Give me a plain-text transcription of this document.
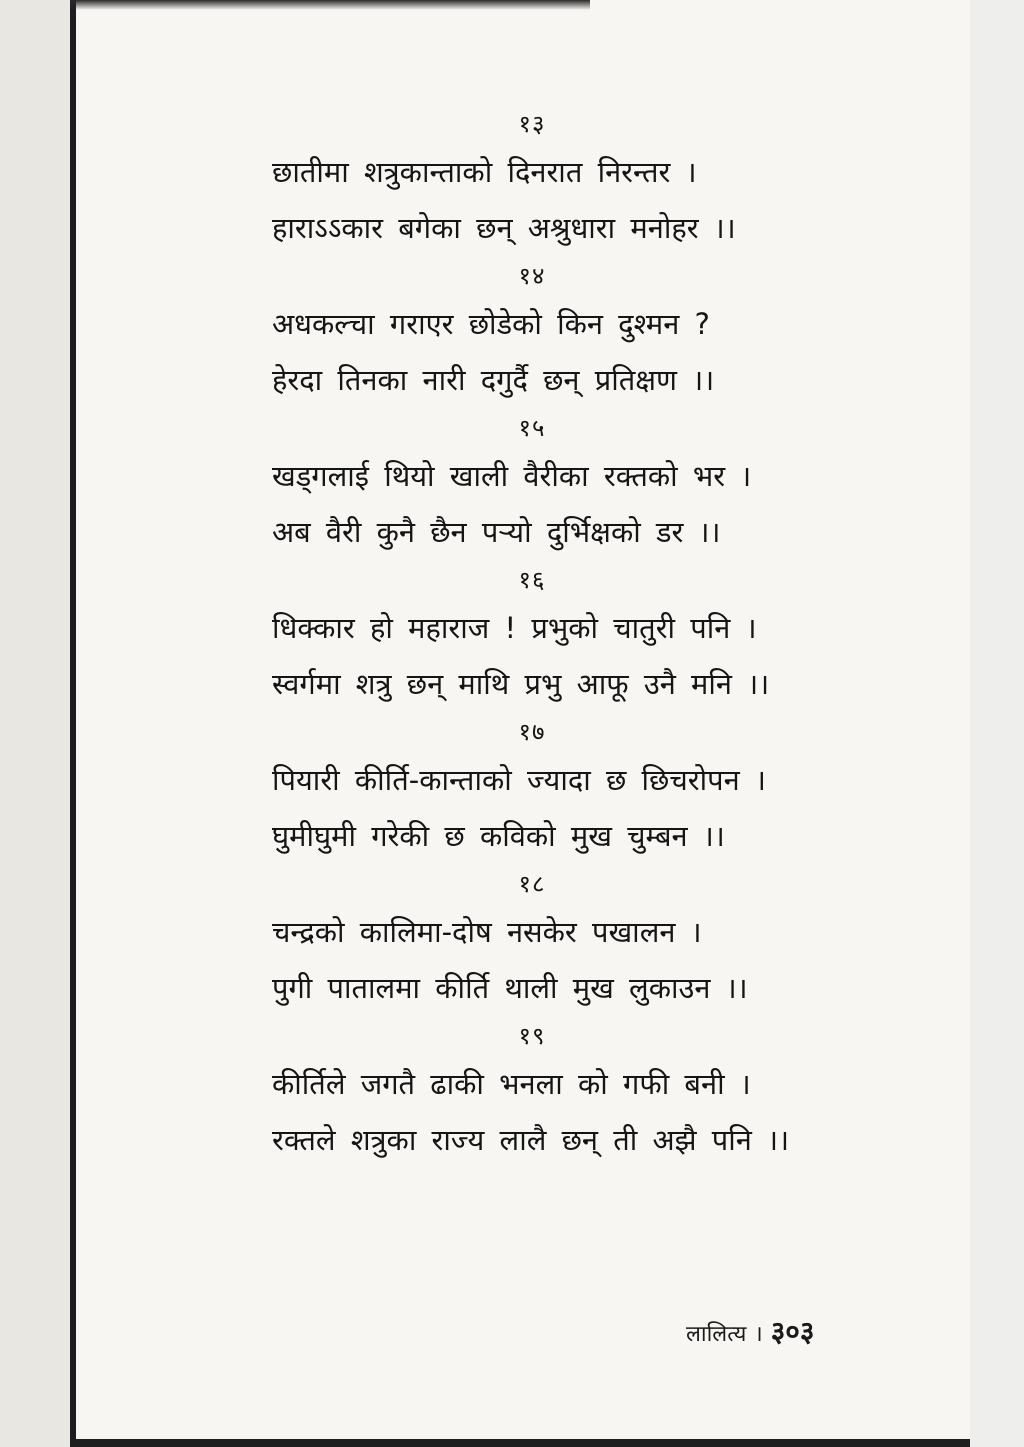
१३

छातीमा शत्रुकान्ताको दिनरात निरन्तर ।

हाराऽऽकार बगेका छन् अश्रुधारा मनोहर ।।

१४

अधकल्चा गराएर छोडेको किन दुश्मन ?

हेरदा तिनका नारी दगुर्दै छन् प्रतिक्षण ।।

१५

खड्गलाई थियो खाली वैरीका रक्तको भर ।

अब वैरी कुनै छैन पऱ्यो दुर्भिक्षको डर ।।

१६

धिक्कार हो महाराज ! प्रभुको चातुरी पनि ।

स्वर्गमा शत्रु छन् माथि प्रभु आफू उनै मनि ।।

१७

पियारी कीर्ति-कान्ताको ज्यादा छ छिचरोपन ।

घुमीघुमी गरेकी छ कविको मुख चुम्बन ।।

१८

चन्द्रको कालिमा-दोष नसकेर पखालन ।

पुगी पातालमा कीर्ति थाली मुख लुकाउन ।।

१९

कीर्तिले जगतै ढाकी भनला को गफी बनी ।

रक्तले शत्रुका राज्य लालै छन् ती अझै पनि ।।

लालित्य । ३०३
